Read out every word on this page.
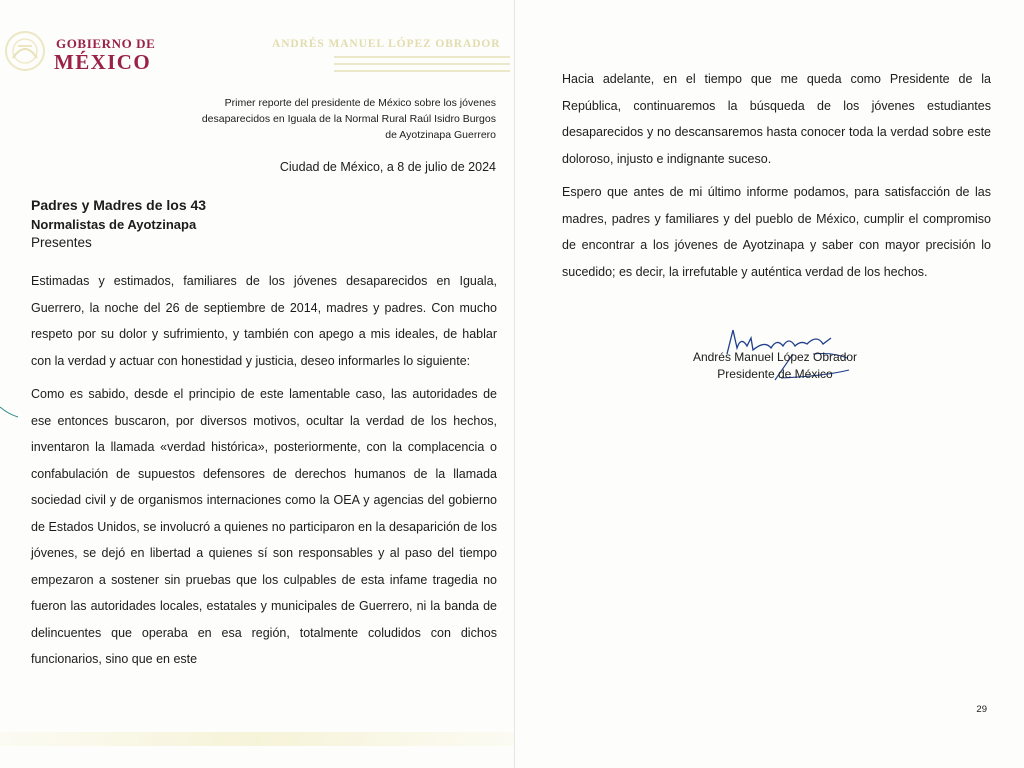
GOBIERNO DE
MÉXICO
ANDRÉS MANUEL LÓPEZ OBRADOR
Primer reporte del presidente de México sobre los jóvenes
desaparecidos en Iguala de la Normal Rural Raúl Isidro Burgos
de Ayotzinapa Guerrero
Ciudad de México, a 8 de julio de 2024
Padres y Madres de los 43
Normalistas de Ayotzinapa
Presentes

Estimadas y estimados, familiares de los jóvenes desaparecidos en Iguala, Guerrero, la noche del 26 de septiembre de 2014, madres y padres. Con mucho respeto por su dolor y sufrimiento, y también con apego a mis ideales, de hablar con la verdad y actuar con honestidad y justicia, deseo informarles lo siguiente:

Como es sabido, desde el principio de este lamentable caso, las autoridades de ese entonces buscaron, por diversos motivos, ocultar la verdad de los hechos, inventaron la llamada «verdad histórica», posteriormente, con la complacencia o confabulación de supuestos defensores de derechos humanos de la llamada sociedad civil y de organismos internaciones como la OEA y agencias del gobierno de Estados Unidos, se involucró a quienes no participaron en la desaparición de los jóvenes, se dejó en libertad a quienes sí son responsables y al paso del tiempo empezaron a sostener sin pruebas que los culpables de esta infame tragedia no fueron las autoridades locales, estatales y municipales de Guerrero, ni la banda de delincuentes que operaba en esa región, totalmente coludidos con dichos funcionarios, sino que en este

Hacia adelante, en el tiempo que me queda como Presidente de la República, continuaremos la búsqueda de los jóvenes estudiantes desaparecidos y no descansaremos hasta conocer toda la verdad sobre este doloroso, injusto e indignante suceso.

Espero que antes de mi último informe podamos, para satisfacción de las madres, padres y familiares y del pueblo de México, cumplir el compromiso de encontrar a los jóvenes de Ayotzinapa y saber con mayor precisión lo sucedido; es decir, la irrefutable y auténtica verdad de los hechos.

Andrés Manuel López Obrador
Presidente de México
29
